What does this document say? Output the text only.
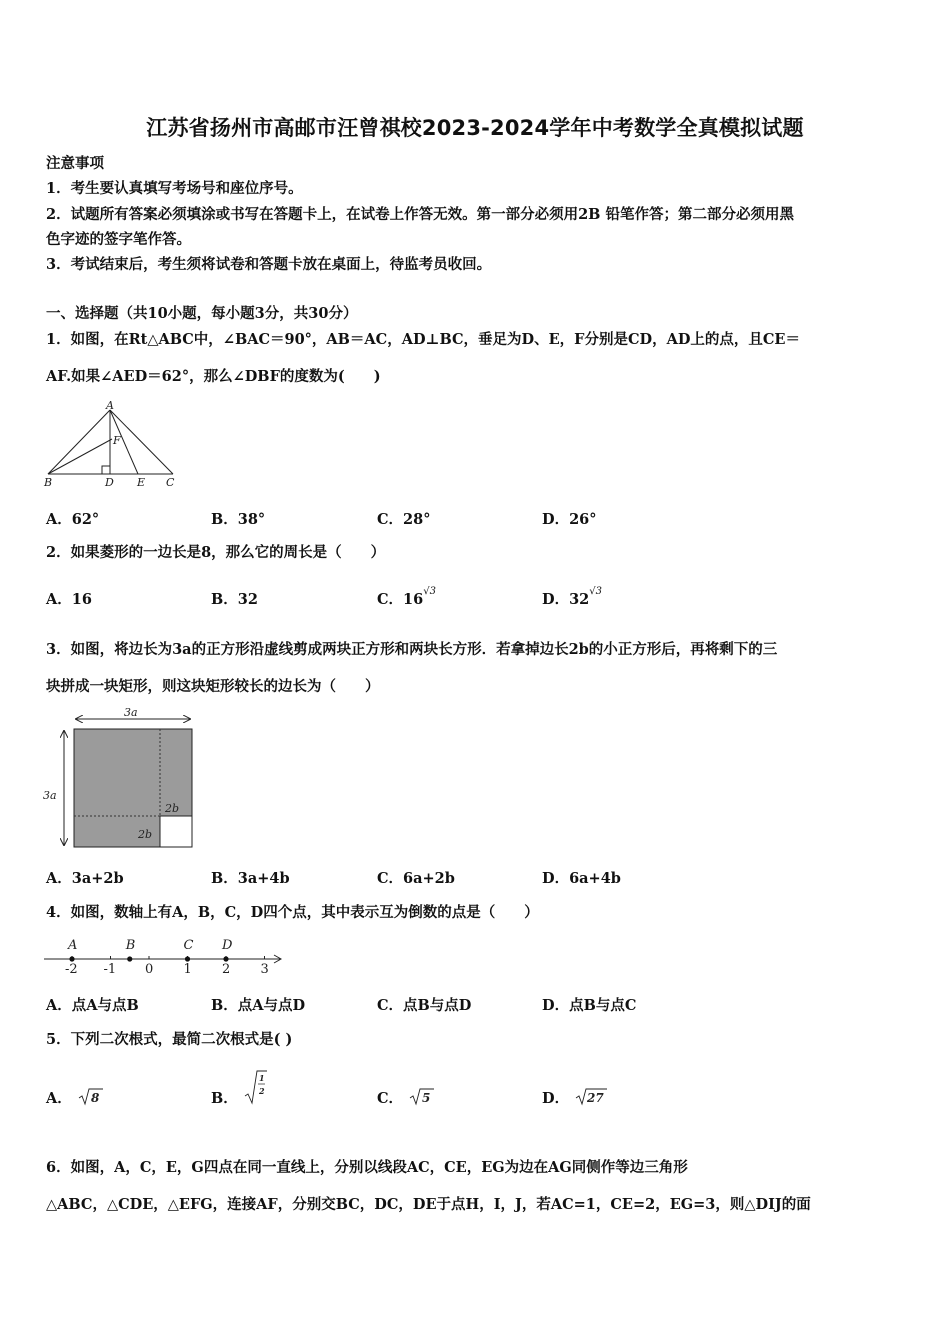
江苏省扬州市高邮市汪曾祺校2023-2024学年中考数学全真模拟试题
注意事项
1．考生要认真填写考场号和座位序号。
2．试题所有答案必须填涂或书写在答题卡上，在试卷上作答无效。第一部分必须用2B 铅笔作答；第二部分必须用黑
色字迹的签字笔作答。
3．考试结束后，考生须将试卷和答题卡放在桌面上，待监考员收回。
一、选择题（共10小题，每小题3分，共30分）
1．如图，在Rt△ABC中，∠BAC＝90°，AB＝AC，AD⊥BC，垂足为D、E，F分别是CD，AD上的点，且CE＝
AF.如果∠AED＝62°，那么∠DBF的度数为(　　)
A
F
B	D E C
A．62°	B．38°	C．28°	D．26°
2．如果菱形的一边长是8，那么它的周长是（　　）
A．16	B．32	C．$16^{√3}$	D．$32^{√3}$
3．如图，将边长为3a的正方形沿虚线剪成两块正方形和两块长方形．若拿掉边长2b的小正方形后，再将剩下的三
块拼成一块矩形，则这块矩形较长的边长为（　　）
3a
3a
2b
2b
A．3a+2b	B．3a+4b	C．6a+2b	D．6a+4b
4．如图，数轴上有A，B，C，D四个点，其中表示互为倒数的点是（　　）
-2 -1 0 1 2 3
A	B	C D
A．点A与点B	B．点A与点D	C．点B与点D	D．点B与点C
5．下列二次根式，最简二次根式是( )
A． 8	B．
1
2	C． 5	D． 27
6．如图，A，C，E，G四点在同一直线上，分别以线段AC，CE，EG为边在AG同侧作等边三角形
△ABC，△CDE，△EFG，连接AF，分别交BC，DC，DE于点H，I，J，若AC=1，CE=2，EG=3，则△DIJ的面
